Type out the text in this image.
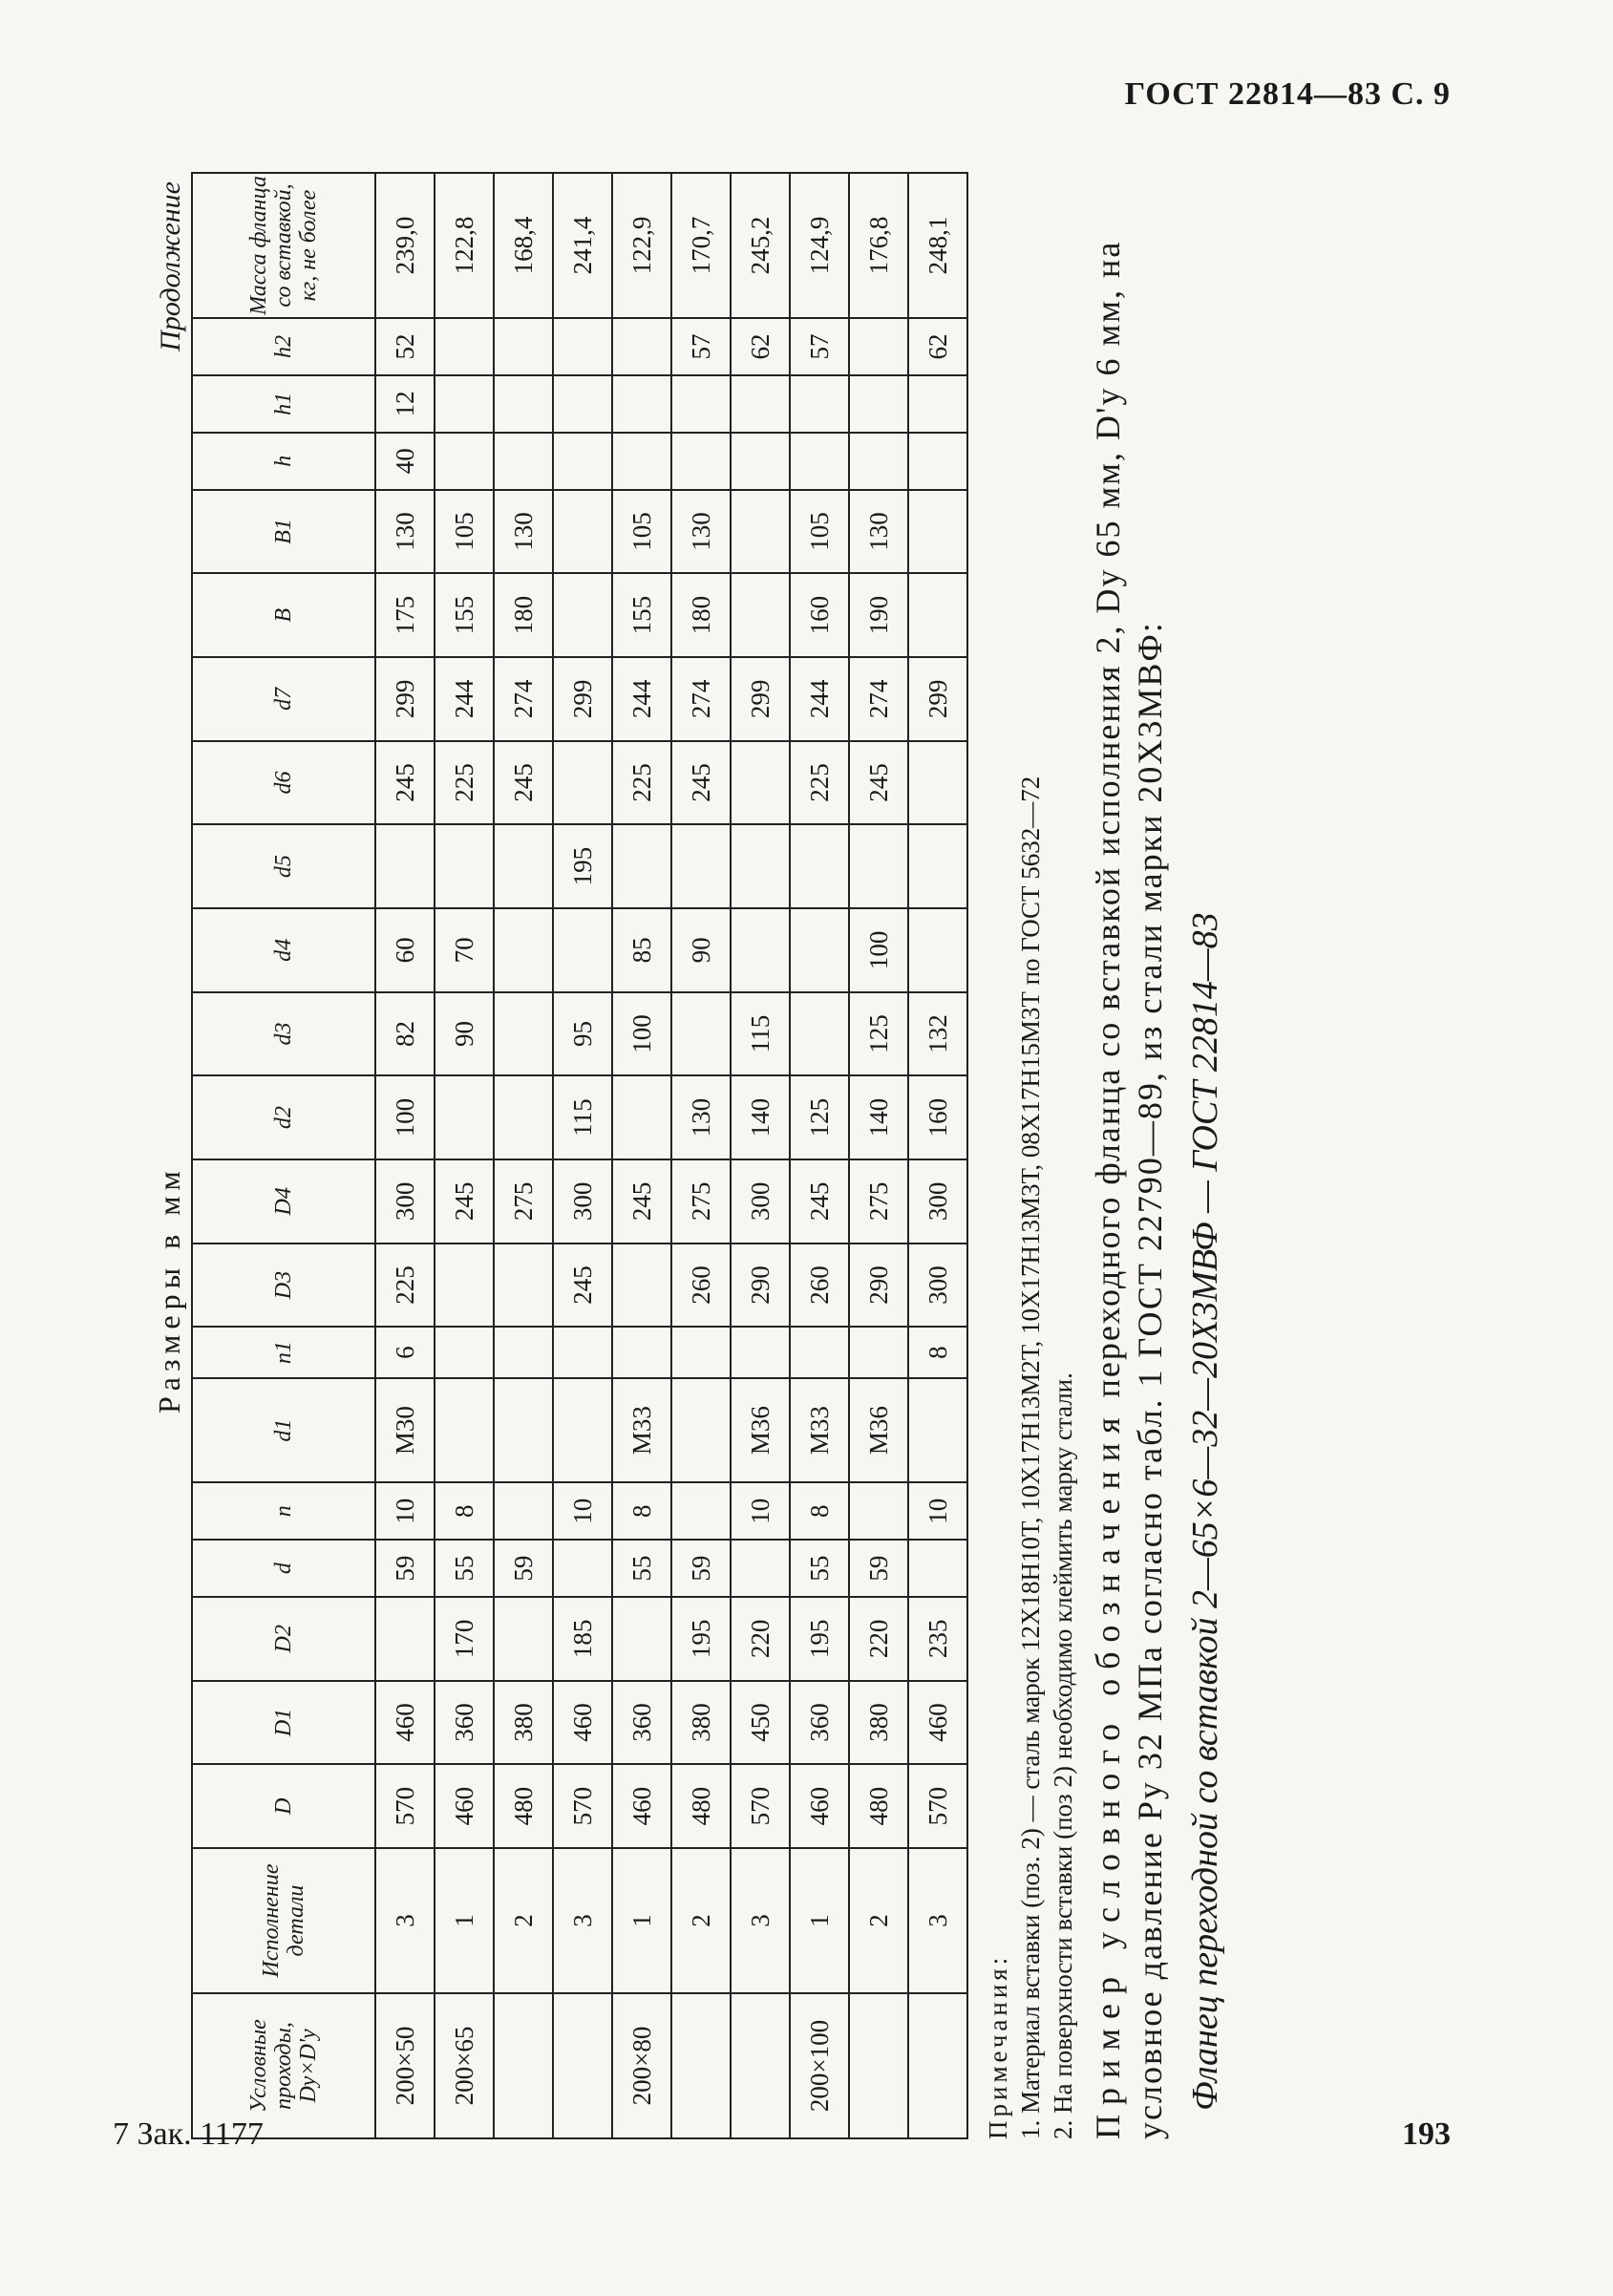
ГОСТ 22814—83 С. 9
Размеры в мм
Продолжение
Условные проходы, Dy×D'y	Исполнение детали	D	D1	D2	d	n	d1	n1	D3	D4	d2	d3	d4	d5	d6	d7	B	B1	h	h1	h2	Масса фланца со вставкой, кг, не более
200×50	3	570	460		59	10	M30	6	225	300	100	82	60		245	299	175	130	40	12	52	239,0
200×65	1	460	360	170	55	8				245		90	70		225	244	155	105				122,8
	2	480	380		59					275					245	274	180	130				168,4
	3	570	460	185		10			245	300	115	95		195		299						241,4
200×80	1	460	360		55	8	M33			245		100	85		225	244	155	105				122,9
	2	480	380	195	59				260	275	130		90		245	274	180	130			57	170,7
	3	570	450	220		10	M36		290	300	140	115				299					62	245,2
200×100	1	460	360	195	55	8	M33		260	245	125				225	244	160	105			57	124,9
	2	480	380	220	59		M36		290	275	140	125	100		245	274	190	130				176,8
	3	570	460	235		10		8	300	300	160	132				299					62	248,1
Примечания: 1. Материал вставки (поз. 2) — сталь марок 12Х18Н10Т, 10Х17Н13М2Т, 10Х17Н13М3Т, 08Х17Н15М3Т по ГОСТ 5632—72 2. На поверхности вставки (поз 2) необходимо клеймить марку стали. Пример условного обозначения переходного фланца со вставкой исполнения 2, Dy 65 мм, D'y 6 мм, на условное давление Py 32 МПа согласно табл. 1 ГОСТ 22790—89, из стали марки 20Х3МВФ: Фланец переходной со вставкой 2—65×6—32—20Х3МВФ — ГОСТ 22814—83
7 Зак. 1177	193
